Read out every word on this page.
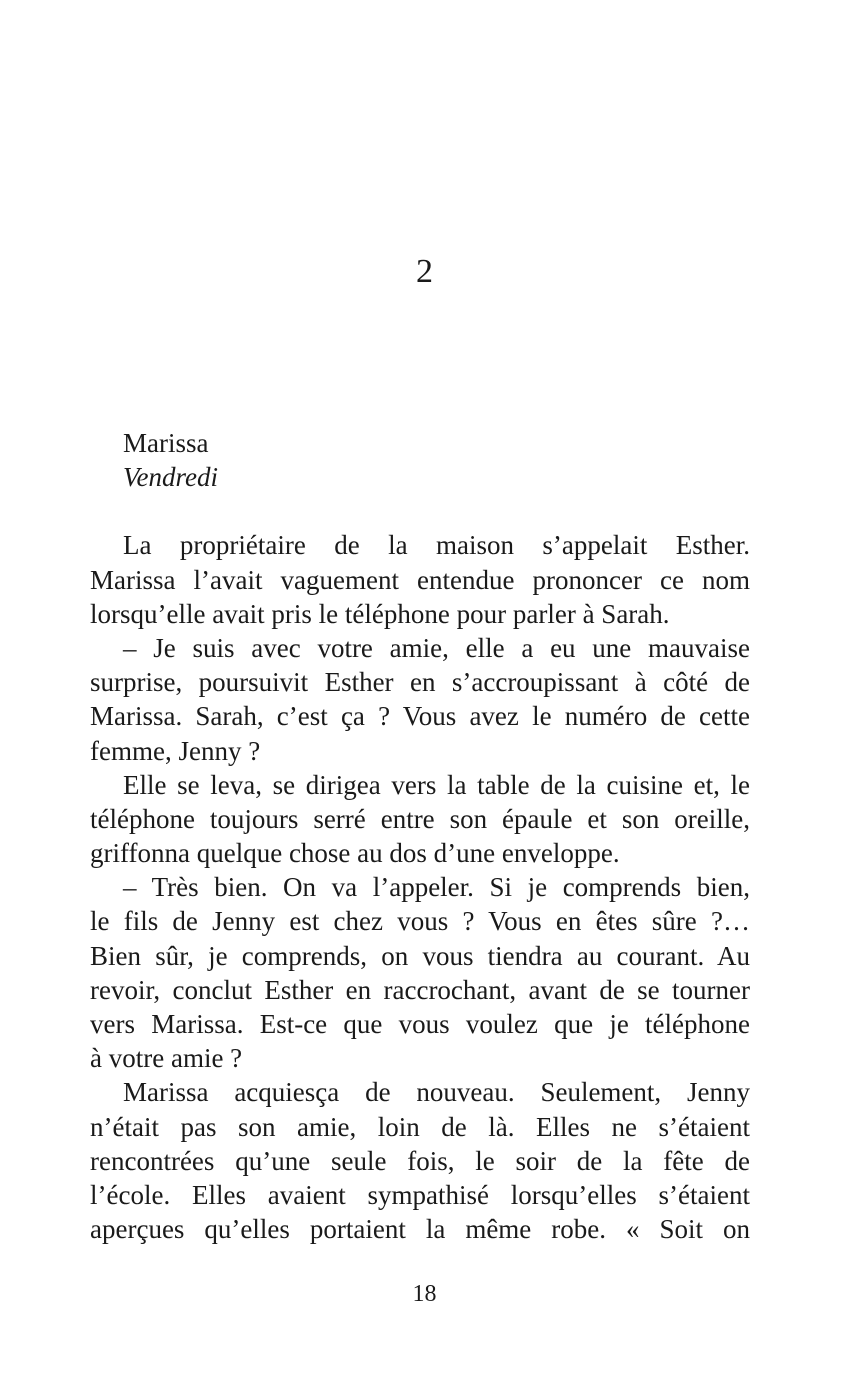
2
Marissa
Vendredi
La propriétaire de la maison s’appelait Esther.
Marissa l’avait vaguement entendue prononcer ce nom
lorsqu’elle avait pris le téléphone pour parler à Sarah.
– Je suis avec votre amie, elle a eu une mauvaise
surprise, poursuivit Esther en s’accroupissant à côté de
Marissa. Sarah, c’est ça ? Vous avez le numéro de cette
femme, Jenny ?
Elle se leva, se dirigea vers la table de la cuisine et, le
téléphone toujours serré entre son épaule et son oreille,
griffonna quelque chose au dos d’une enveloppe.
– Très bien. On va l’appeler. Si je comprends bien,
le fils de Jenny est chez vous ? Vous en êtes sûre ?…
Bien sûr, je comprends, on vous tiendra au courant. Au
revoir, conclut Esther en raccrochant, avant de se tourner
vers Marissa. Est-ce que vous voulez que je téléphone
à votre amie ?
Marissa acquiesça de nouveau. Seulement, Jenny
n’était pas son amie, loin de là. Elles ne s’étaient
rencontrées qu’une seule fois, le soir de la fête de
l’école. Elles avaient sympathisé lorsqu’elles s’étaient
aperçues qu’elles portaient la même robe. « Soit on
18
